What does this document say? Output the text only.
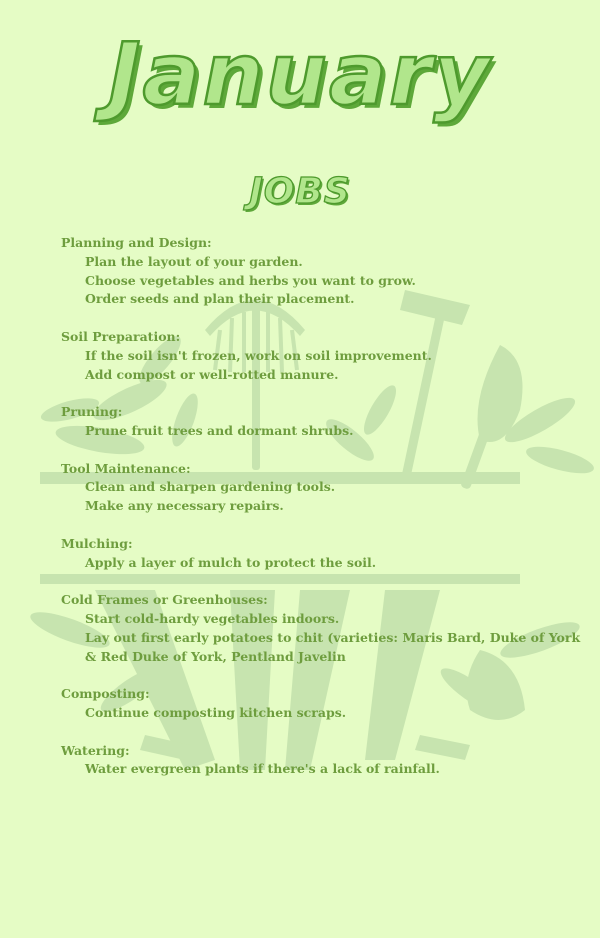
January
JOBS
Planning and Design:
Plan the layout of your garden.
Choose vegetables and herbs you want to grow.
Order seeds and plan their placement.
Soil Preparation:
If the soil isn't frozen, work on soil improvement.
Add compost or well-rotted manure.
Pruning:
Prune fruit trees and dormant shrubs.
Tool Maintenance:
Clean and sharpen gardening tools.
Make any necessary repairs.
Mulching:
Apply a layer of mulch to protect the soil.
Cold Frames or Greenhouses:
Start cold-hardy vegetables indoors.
Lay out first early potatoes to chit (varieties: Maris Bard, Duke of York
& Red Duke of York, Pentland Javelin
Composting:
Continue composting kitchen scraps.
Watering:
Water evergreen plants if there's a lack of rainfall.
